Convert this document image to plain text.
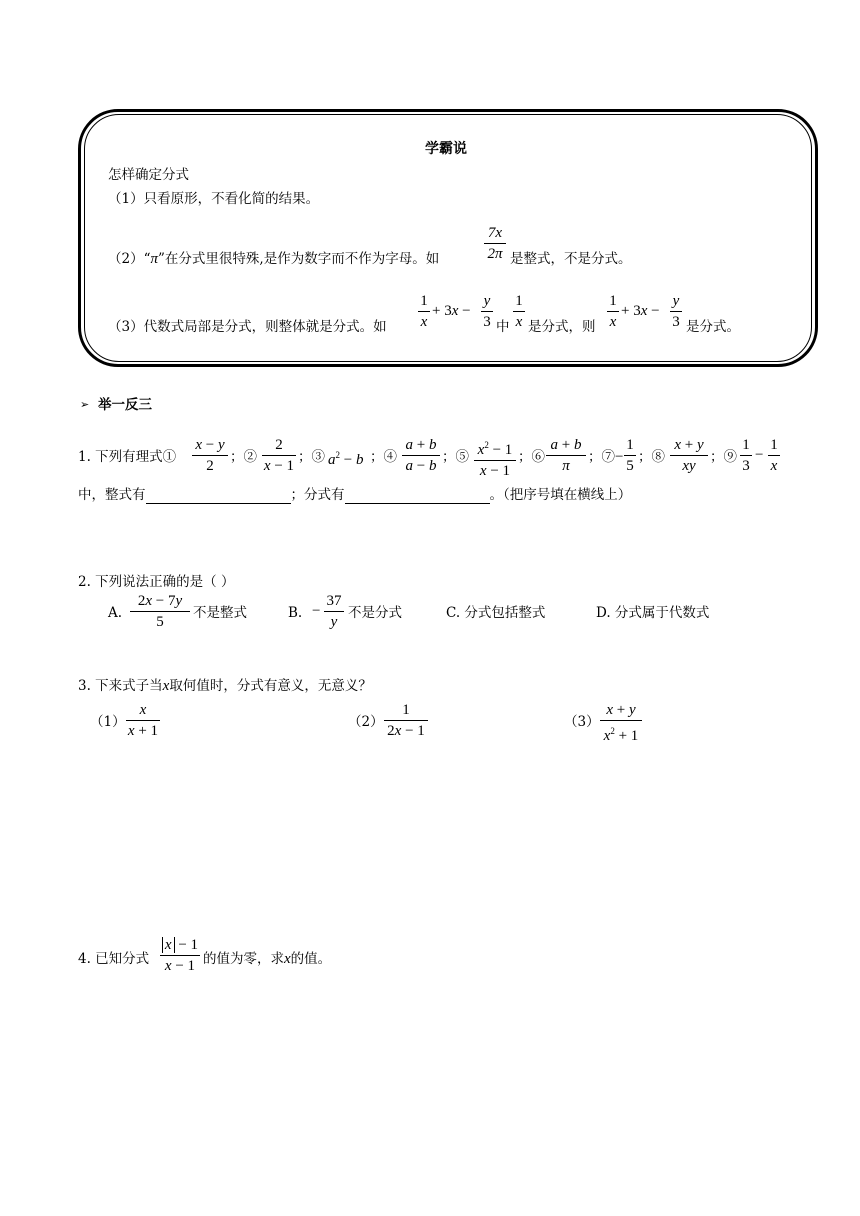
学霸说
怎样确定分式
（1）只看原形，不看化简的结果。
（2）“π”在分式里很特殊,是作为数字而不作为字母。如
7x
2π 是整式，不是分式。
（3）代数式局部是分式，则整体就是分式。如
1
x
+ 3x −
y
3 中
1
x 是分式，则
1
x
+ 3x −
y
3 是分式。
➢ 举一反三
1. 下列有理式①
x − y
2
；②
2
x − 1
；③ $a^2 - b$ ；④
a + b
a − b
；⑤ $x^2 - 1$
x − 1
；⑥
a + b
π
；⑦−
1
5
；⑧
x + y
xy
；⑨
1
3
−
1
x
中，整式有	；分式有	。（把序号填在横线上）
2. 下列说法正确的是（ ）
A.
2x − 7y
5
不是整式	B. −
37
y
不是分式	C. 分式包括整式	D. 分式属于代数式
3. 下来式子当x取何值时，分式有意义，无意义？
（1）
x
x + 1
（2）
1
2x − 1
（3）
x + y
$x^2 + 1$
4. 已知分式
x − 1
x − 1 的值为零，求x的值。
